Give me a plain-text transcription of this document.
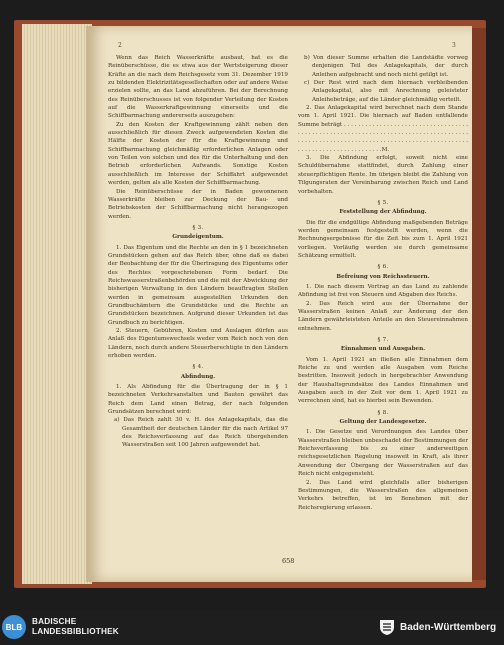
2	3

Wenn das Reich Wasserkräfte ausbaut, hat es die Reinüberschüsse, die es etwa aus der Wertsteigerung dieser Kräfte an die nach dem Reichsgesetz vom 31. Dezember 1919 zu bildenden Elektrizitätsgesellschaften oder auf andere Weise erzielen sollte, an das Land abzuführen. Bei der Berechnung des Reinüberschusses ist von folgender Verteilung der Kosten auf die Wasserkraftgewinnung einerseits und die Schiffbarmachung andererseits auszugehen:

Zu den Kosten der Kraftgewinnung zählt neben den ausschließlich für diesen Zweck aufgewendeten Kosten die Hälfte der Kosten der für die Kraftgewinnung und Schiffbarmachung gleichmäßig erforderlichen Anlagen oder von Teilen von solchen und des für die Unterhaltung und den Betrieb erforderlichen Aufwands. Sonstige Kosten ausschließlich im Interesse der Schiffahrt aufgewendet werden, gelten als alle Kosten der Schiffbarmachung.

Die Reinüberschüsse der in Baden gewonnenen Wasserkräfte bleiben zur Deckung der Bau- und Betriebskosten der Schiffbarmachung nicht herangezogen werden.

§ 3.

Grundeigentum.

1. Das Eigentum und die Rechte an den in § 1 bezeichneten Grundstücken gehen auf das Reich über, ohne daß es dabei der Beobachtung der für die Übertragung des Eigentums oder des Rechtes vorgeschriebenen Form bedarf. Die Reichswasserstraßenbehörden und die mit der Abwicklung der bisherigen Verwaltung in den Ländern beauftragten Stellen werden in gemeinsam ausgestellten Urkunden den Grundbuchämtern die Grundstücke und die Rechte an Grundstücken bezeichnen. Aufgrund dieser Urkunden ist das Grundbuch zu berichtigen.

2. Steuern, Gebühren, Kosten und Auslagen dürfen aus Anlaß des Eigentumswechsels weder vom Reich noch von den Ländern, noch durch andere Steuerberechtigte in den Ländern erhoben werden.

§ 4.

Abfindung.

1. Als Abfindung für die Übertragung der in § 1 bezeichneten Verkehrsanstalten und Bauten gewährt das Reich dem Land einen Betrag, der nach folgenden Grundsätzen berechnet wird:

a) Das Reich zahlt 30 v. H. des Anlagekapitals, das die Gesamtheit der deutschen Länder für die nach Artikel 97 des Reichsverfassung auf das Reich übergehenden Wasserstraßen seit 100 Jahren aufgewendet hat.

b) Von dieser Summe erhalten die Landstädte vorweg denjenigen Teil des Anlagekapitals, der durch Anleihen aufgebracht und noch nicht getilgt ist.

c) Der Rest wird nach dem hiernach verbleibenden Anlagekapital, also mit Anrechnung geleisteter Anleihebeträge, auf die Länder gleichmäßig verteilt.

2. Das Anlagekapital wird berechnet nach dem Stande vom 1. April 1921. Die hiernach auf Baden entfallende Summe beträgt . . . . . . . . . . . . . . . . . . . . . . . . . . . . . . . . . . . . . . . . . . . . . . . . . . . . . . . . . . . . . . . . . . . . . . . . . . . . . . . . . . . . . . . . . . . . . . . . . . . . . . . . . . . . . . . . . . . . . . . . . . . . . . . . . . . . . . . . . . . . . . . . . . . . . . . . . . .M.

3. Die Abfindung erfolgt, soweit nicht eine Schuldübernahme stattfindet, durch Zahlung einer steuerpflichtigen Rente. Im übrigen bleibt die Zahlung von Tilgungsraten der Vereinbarung zwischen Reich und Land vorbehalten.

§ 5.

Feststellung der Abfindung.

Die für die endgültige Abfindung maßgebenden Beträge werden gemeinsam festgestellt werden, wenn die Rechnungsergebnisse für die Zeit bis zum 1. April 1921 vorliegen. Vorläufig werden sie durch gemeinsame Schätzung ermittelt.

§ 6.

Befreiung von Reichssteuern.

1. Die nach diesem Vertrag an das Land zu zahlende Abfindung ist frei von Steuern und Abgaben des Reichs.

2. Das Reich wird aus der Übernahme der Wasserstraßen keinen Anlaß zur Änderung der den Ländern gewährleisteten Anteile an den Steuereinnahmen entnehmen.

§ 7.

Einnahmen und Ausgaben.

Vom 1. April 1921 an fließen alle Einnahmen dem Reiche zu und werden alle Ausgaben vom Reiche bestritten. Insoweit jedoch in hergebrachter Anwendung der Haushaltsgrundsätze des Landes Einnahmen und Ausgaben auch in der Zeit vor dem 1. April 1921 zu verrechnen sind, hat es hierbei sein Bewenden.

§ 8.

Geltung der Landesgesetze.

1. Die Gesetze und Verordnungen des Landes über Wasserstraßen bleiben unbeschadet der Bestimmungen der Reichsverfassung bis zu einer anderweitigen reichsgesetzlichen Regelung insoweit in Kraft, als ihrer Anwendung der Übergang der Wasserstraßen auf das Reich nicht entgegensteht.

2. Das Land wird gleichfalls aller bisherigen Bestimmungen, die Wasserstraßen des allgemeinen Verkehrs betreffen, ist im Benehmen mit der Reichsregierung erlassen.

658
BLB
BADISCHE
LANDESBIBLIOTHEK	Baden-Württemberg
